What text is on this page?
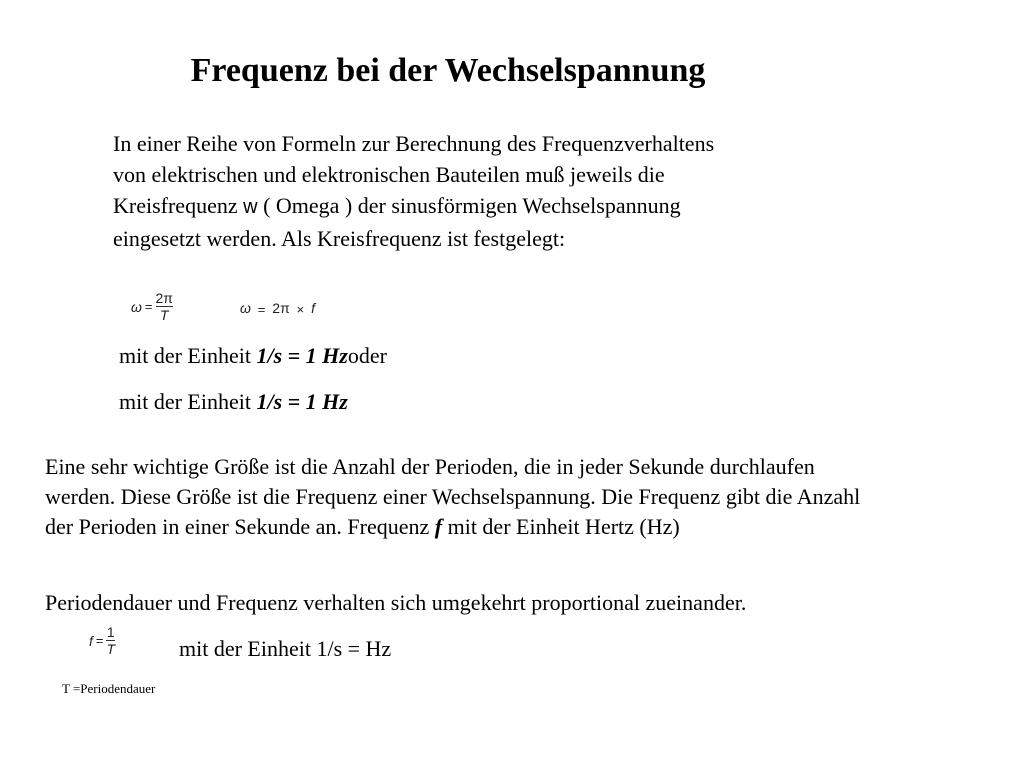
Frequenz bei der Wechselspannung
In einer Reihe von Formeln zur Berechnung des Frequenzverhaltens von elektrischen und elektronischen Bauteilen muß jeweils die Kreisfrequenz w ( Omega ) der sinusförmigen Wechselspannung eingesetzt werden. Als Kreisfrequenz ist festgelegt:
$\omega = \frac{2\pi}{T}$	ω = 2π × f
mit der Einheit 1/s = 1 Hzoder
mit der Einheit 1/s = 1 Hz
Eine sehr wichtige Größe ist die Anzahl der Perioden, die in jeder Sekunde durchlaufen werden. Diese Größe ist die Frequenz einer Wechselspannung. Die Frequenz gibt die Anzahl der Perioden in einer Sekunde an. Frequenz f mit der Einheit Hertz (Hz)
Periodendauer und Frequenz verhalten sich umgekehrt proportional zueinander.
$f = \frac{1}{T}$	mit der Einheit 1/s = Hz
T =Periodendauer
